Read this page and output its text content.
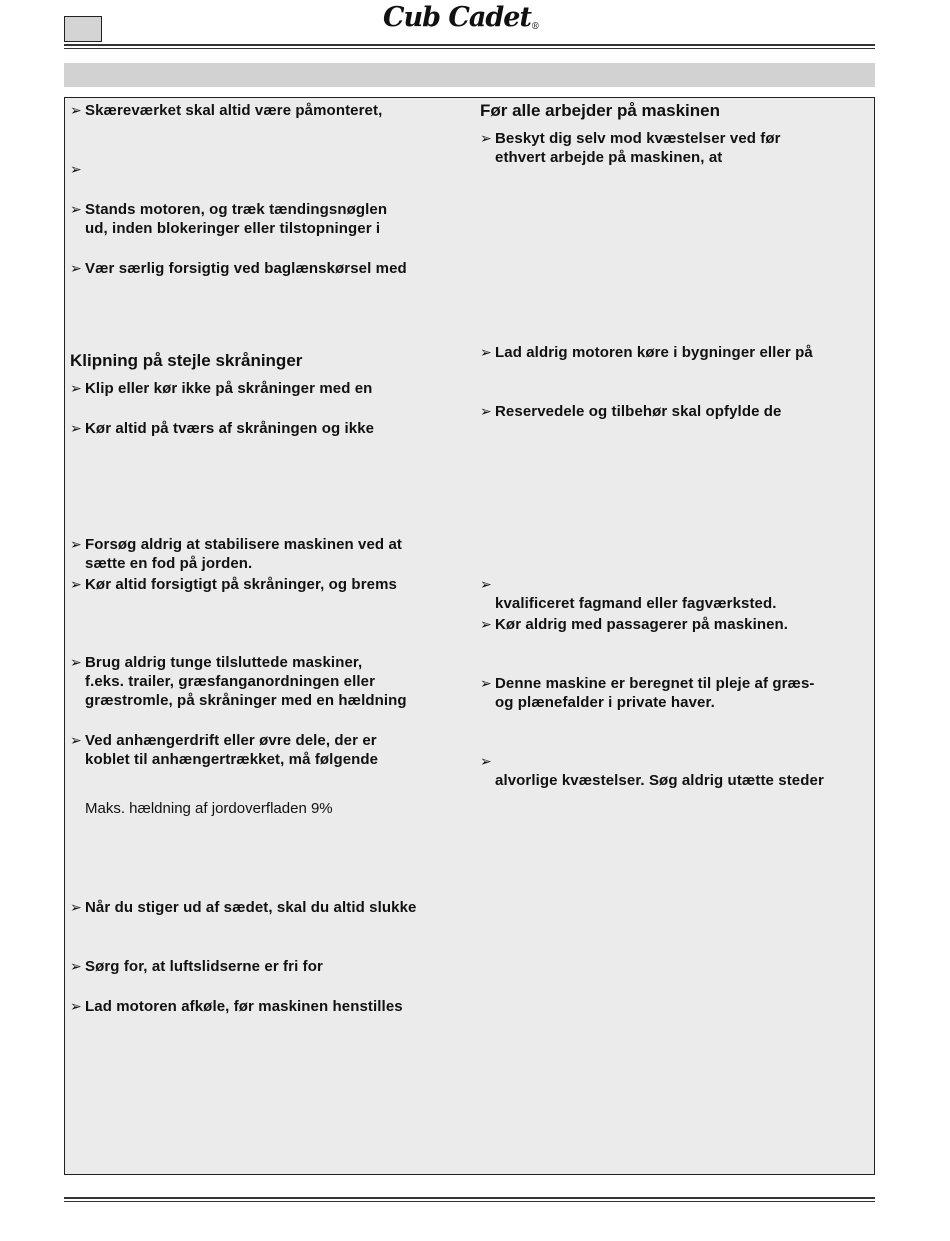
Cub Cadet®
➢ Skæreværket skal altid være påmonteret,
➢
➢ Stands motoren, og træk tændingsnøglen
ud, inden blokeringer eller tilstopninger i
➢ Vær særlig forsigtig ved baglænskørsel med
Klipning på stejle skråninger
➢ Klip eller kør ikke på skråninger med en
➢ Kør altid på tværs af skråningen og ikke
➢ Forsøg aldrig at stabilisere maskinen ved at
sætte en fod på jorden.
➢ Kør altid forsigtigt på skråninger, og brems
➢ Brug aldrig tunge tilsluttede maskiner,
f.eks. trailer, græsfanganordningen eller
græstromle, på skråninger med en hældning
➢ Ved anhængerdrift eller øvre dele, der er
koblet til anhængertrækket, må følgende
Maks. hældning af jordoverfladen 9%
➢ Når du stiger ud af sædet, skal du altid slukke
➢ Sørg for, at luftslidserne er fri for
➢ Lad motoren afkøle, før maskinen henstilles
Før alle arbejder på maskinen
➢ Beskyt dig selv mod kvæstelser ved før
ethvert arbejde på maskinen, at
➢ Lad aldrig motoren køre i bygninger eller på
➢ Reservedele og tilbehør skal opfylde de
➢
kvalificeret fagmand eller fagværksted.
➢ Kør aldrig med passagerer på maskinen.
➢ Denne maskine er beregnet til pleje af græs-
og plænefalder i private haver.
➢
alvorlige kvæstelser. Søg aldrig utætte steder
